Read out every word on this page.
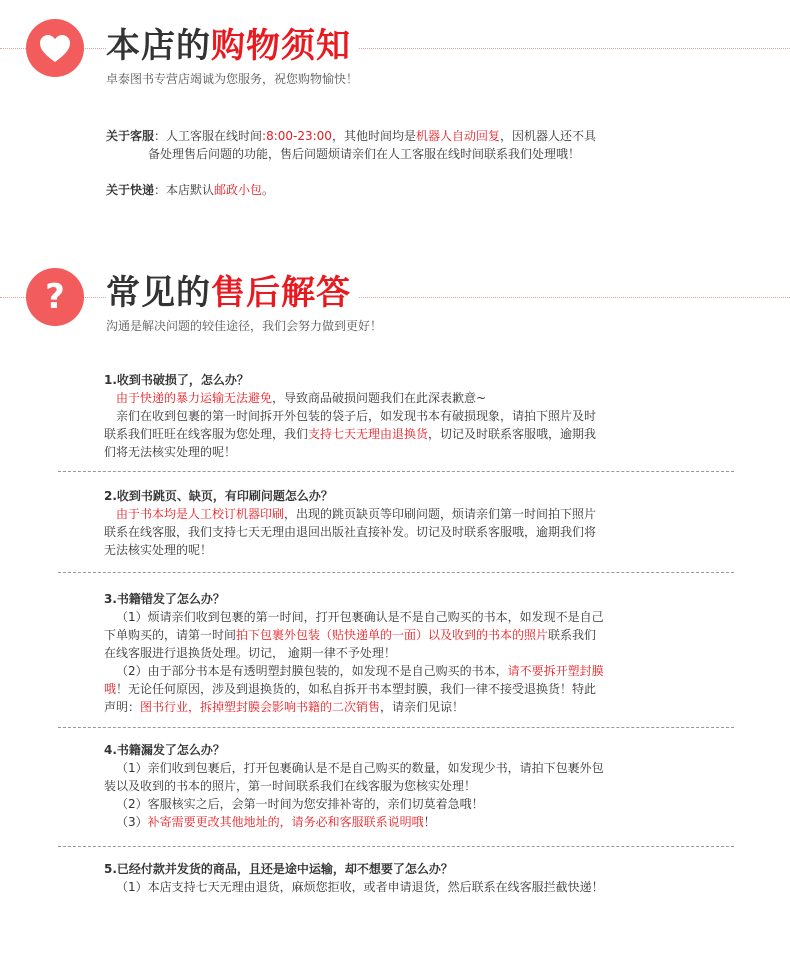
本店的购物须知
卓泰图书专营店竭诚为您服务，祝您购物愉快！
关于客服：人工客服在线时间:8:00-23:00，其他时间均是机器人自动回复，因机器人还不具
备处理售后问题的功能，售后问题烦请亲们在人工客服在线时间联系我们处理哦！
关于快递：本店默认邮政小包。
?	常见的售后解答
沟通是解决问题的较佳途径，我们会努力做到更好！
1.收到书破损了，怎么办？
由于快递的暴力运输无法避免，导致商品破损问题我们在此深表歉意~
亲们在收到包裹的第一时间拆开外包装的袋子后，如发现书本有破损现象，请拍下照片及时
联系我们旺旺在线客服为您处理，我们支持七天无理由退换货，切记及时联系客服哦，逾期我
们将无法核实处理的呢！
2.收到书跳页、缺页，有印刷问题怎么办？
由于书本均是人工校订机器印刷，出现的跳页缺页等印刷问题，烦请亲们第一时间拍下照片
联系在线客服，我们支持七天无理由退回出版社直接补发。切记及时联系客服哦，逾期我们将
无法核实处理的呢！
3.书籍错发了怎么办？
（1）烦请亲们收到包裹的第一时间，打开包裹确认是不是自己购买的书本，如发现不是自己
下单购买的，请第一时间拍下包裹外包装（贴快递单的一面）以及收到的书本的照片联系我们
在线客服进行退换货处理。切记， 逾期一律不予处理！
（2）由于部分书本是有透明塑封膜包装的，如发现不是自己购买的书本，请不要拆开塑封膜
哦！无论任何原因，涉及到退换货的，如私自拆开书本塑封膜，我们一律不接受退换货！特此
声明：图书行业，拆掉塑封膜会影响书籍的二次销售，请亲们见谅！
4.书籍漏发了怎么办？
（1）亲们收到包裹后，打开包裹确认是不是自己购买的数量，如发现少书，请拍下包裹外包
装以及收到的书本的照片，第一时间联系我们在线客服为您核实处理！
（2）客服核实之后，会第一时间为您安排补寄的，亲们切莫着急哦！
（3）补寄需要更改其他地址的，请务必和客服联系说明哦！
5.已经付款并发货的商品，且还是途中运输，却不想要了怎么办？
（1）本店支持七天无理由退货，麻烦您拒收，或者申请退货，然后联系在线客服拦截快递！
